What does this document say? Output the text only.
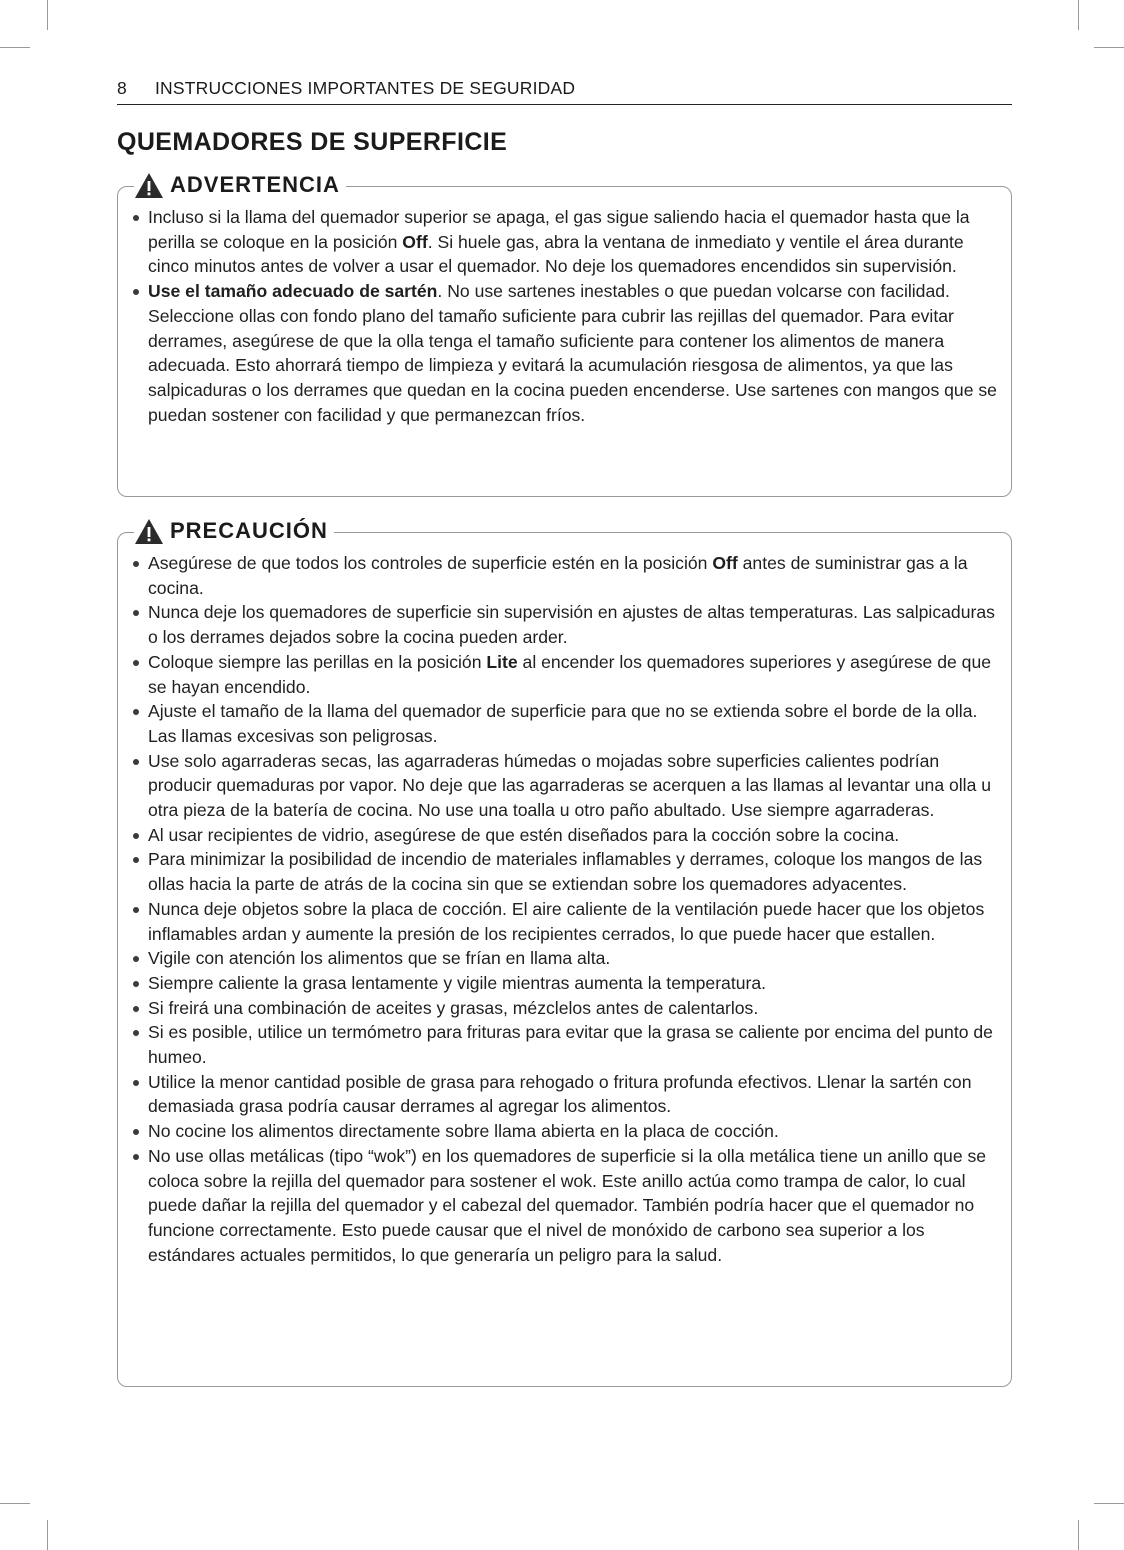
8 INSTRUCCIONES IMPORTANTES DE SEGURIDAD
QUEMADORES DE SUPERFICIE
ADVERTENCIA
Incluso si la llama del quemador superior se apaga, el gas sigue saliendo hacia el quemador hasta que la perilla se coloque en la posición Off. Si huele gas, abra la ventana de inmediato y ventile el área durante cinco minutos antes de volver a usar el quemador. No deje los quemadores encendidos sin supervisión.
Use el tamaño adecuado de sartén. No use sartenes inestables o que puedan volcarse con facilidad. Seleccione ollas con fondo plano del tamaño suficiente para cubrir las rejillas del quemador. Para evitar derrames, asegúrese de que la olla tenga el tamaño suficiente para contener los alimentos de manera adecuada. Esto ahorrará tiempo de limpieza y evitará la acumulación riesgosa de alimentos, ya que las salpicaduras o los derrames que quedan en la cocina pueden encenderse. Use sartenes con mangos que se puedan sostener con facilidad y que permanezcan fríos.
PRECAUCIÓN
Asegúrese de que todos los controles de superficie estén en la posición Off antes de suministrar gas a la cocina.
Nunca deje los quemadores de superficie sin supervisión en ajustes de altas temperaturas. Las salpicaduras o los derrames dejados sobre la cocina pueden arder.
Coloque siempre las perillas en la posición Lite al encender los quemadores superiores y asegúrese de que se hayan encendido.
Ajuste el tamaño de la llama del quemador de superficie para que no se extienda sobre el borde de la olla. Las llamas excesivas son peligrosas.
Use solo agarraderas secas, las agarraderas húmedas o mojadas sobre superficies calientes podrían producir quemaduras por vapor. No deje que las agarraderas se acerquen a las llamas al levantar una olla u otra pieza de la batería de cocina. No use una toalla u otro paño abultado. Use siempre agarraderas.
Al usar recipientes de vidrio, asegúrese de que estén diseñados para la cocción sobre la cocina.
Para minimizar la posibilidad de incendio de materiales inflamables y derrames, coloque los mangos de las ollas hacia la parte de atrás de la cocina sin que se extiendan sobre los quemadores adyacentes.
Nunca deje objetos sobre la placa de cocción. El aire caliente de la ventilación puede hacer que los objetos inflamables ardan y aumente la presión de los recipientes cerrados, lo que puede hacer que estallen.
Vigile con atención los alimentos que se frían en llama alta.
Siempre caliente la grasa lentamente y vigile mientras aumenta la temperatura.
Si freirá una combinación de aceites y grasas, mézclelos antes de calentarlos.
Si es posible, utilice un termómetro para frituras para evitar que la grasa se caliente por encima del punto de humeo.
Utilice la menor cantidad posible de grasa para rehogado o fritura profunda efectivos. Llenar la sartén con demasiada grasa podría causar derrames al agregar los alimentos.
No cocine los alimentos directamente sobre llama abierta en la placa de cocción.
No use ollas metálicas (tipo “wok”) en los quemadores de superficie si la olla metálica tiene un anillo que se coloca sobre la rejilla del quemador para sostener el wok. Este anillo actúa como trampa de calor, lo cual puede dañar la rejilla del quemador y el cabezal del quemador. También podría hacer que el quemador no funcione correctamente. Esto puede causar que el nivel de monóxido de carbono sea superior a los estándares actuales permitidos, lo que generaría un peligro para la salud.
